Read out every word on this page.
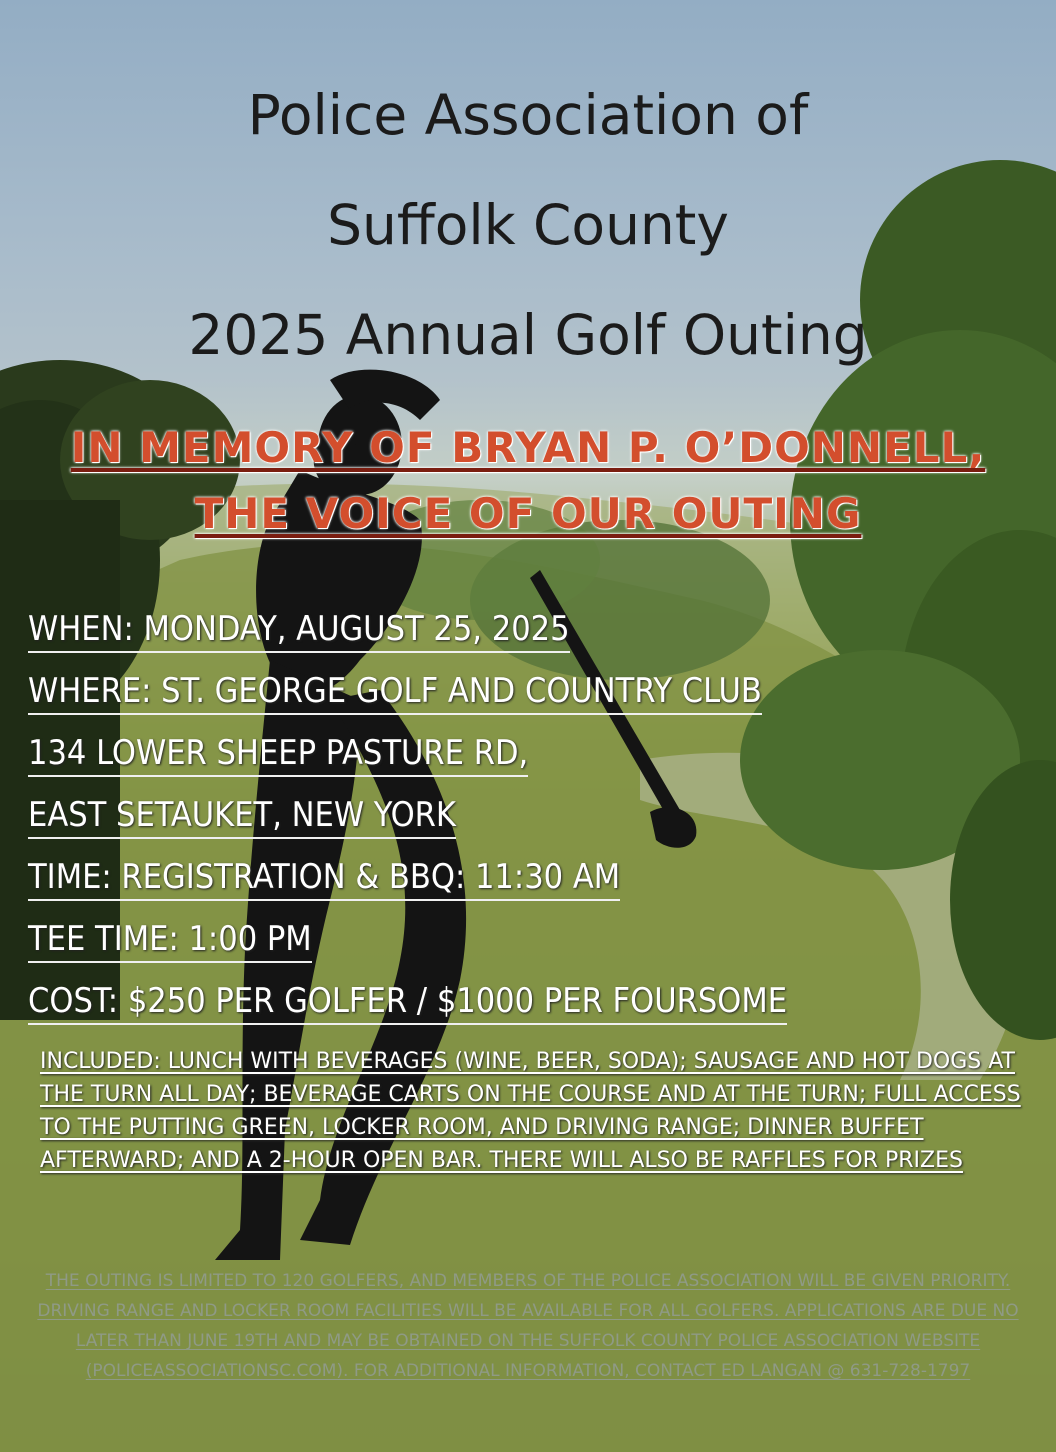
Police Association of
Suffolk County
2025 Annual Golf Outing
IN MEMORY OF BRYAN P. O’DONNELL,
THE VOICE OF OUR OUTING
WHEN: MONDAY, AUGUST 25, 2025
WHERE: ST. GEORGE GOLF AND COUNTRY CLUB
134 LOWER SHEEP PASTURE RD,
EAST SETAUKET, NEW YORK
TIME: REGISTRATION & BBQ: 11:30 AM
TEE TIME: 1:00 PM
COST: $250 PER GOLFER / $1000 PER FOURSOME
INCLUDED: LUNCH WITH BEVERAGES (WINE, BEER, SODA); SAUSAGE AND HOT DOGS AT THE TURN ALL DAY; BEVERAGE CARTS ON THE COURSE AND AT THE TURN; FULL ACCESS TO THE PUTTING GREEN, LOCKER ROOM, AND DRIVING RANGE; DINNER BUFFET AFTERWARD; AND A 2-HOUR OPEN BAR. THERE WILL ALSO BE RAFFLES FOR PRIZES
THE OUTING IS LIMITED TO 120 GOLFERS, AND MEMBERS OF THE POLICE ASSOCIATION WILL BE GIVEN PRIORITY. DRIVING RANGE AND LOCKER ROOM FACILITIES WILL BE AVAILABLE FOR ALL GOLFERS. APPLICATIONS ARE DUE NO LATER THAN JUNE 19TH AND MAY BE OBTAINED ON THE SUFFOLK COUNTY POLICE ASSOCIATION WEBSITE (POLICEASSOCIATIONSC.COM). FOR ADDITIONAL INFORMATION, CONTACT ED LANGAN @ 631-728-1797
